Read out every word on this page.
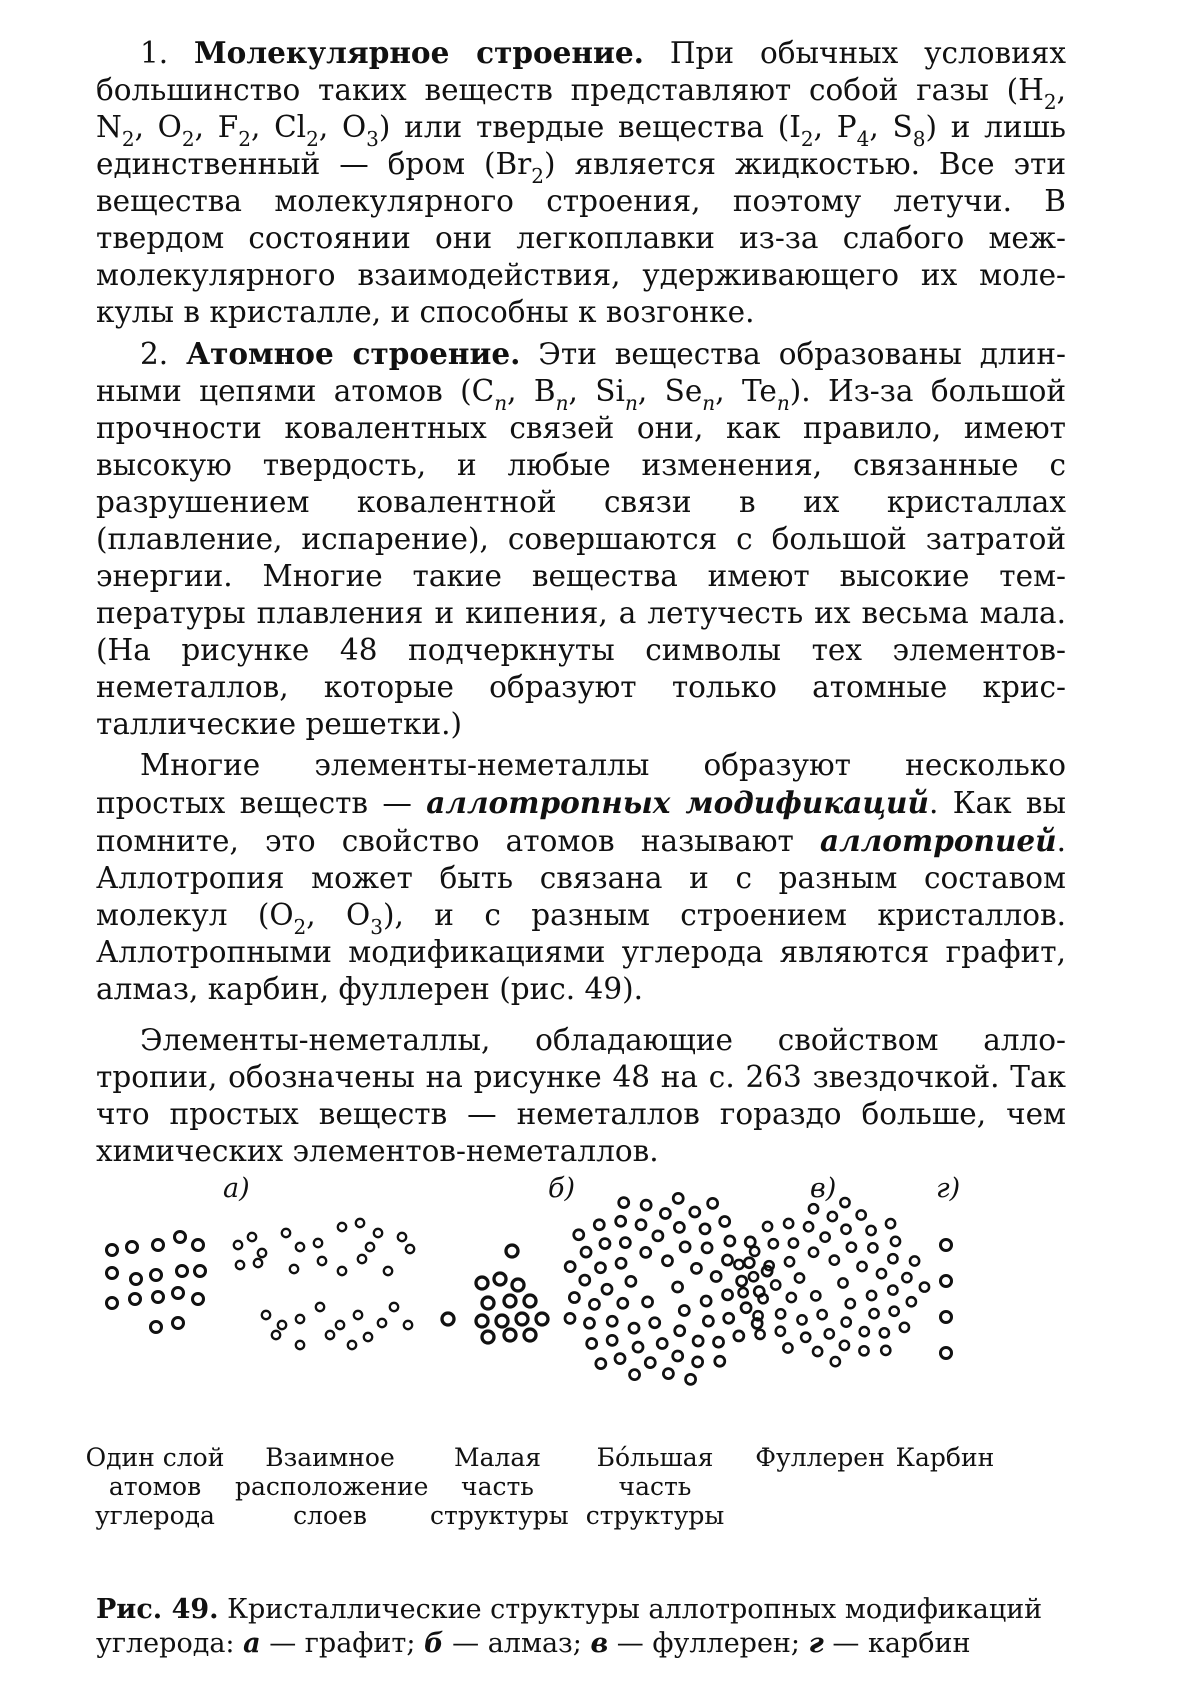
1. Молекулярное строение. При обычных условиях большинство таких веществ представляют собой газы ($H_2$, $N_2$, $O_2$, $F_2$, $Cl_2$, $O_3$) или твердые вещества ($I_2$, $P_4$, $S_8$) и лишь единственный — бром $(Br_2)$ является жидкостью. Все эти вещества молекулярного строения, поэтому летучи. В твердом состоянии они легкоплавки из-за слабого межмолекулярного взаимодействия, удерживающего их молекулы в кристалле, и способны к возгонке.

2. Атомное строение. Эти вещества образованы длинными цепями атомов ($C_n$, $B_n$, $Si_n$, $Se_n$, $Te_n$). Из-за большой прочности ковалентных связей они, как правило, имеют высокую твердость, и любые изменения, связанные с разрушением ковалентной связи в их кристаллах (плавление, испарение), совершаются с большой затратой энергии. Многие такие вещества имеют высокие температуры плавления и кипения, а летучесть их весьма мала. (На рисунке 48 подчеркнуты символы тех элементов-неметаллов, которые образуют только атомные кристаллические решетки.)

Многие элементы-неметаллы образуют несколько простых веществ — аллотропных модификаций. Как вы помните, это свойство атомов называют аллотропией. Аллотропия может быть связана и с разным составом молекул ($O_2$, $O_3$), и с разным строением кристаллов. Аллотропными модификациями углерода являются графит, алмаз, карбин, фуллерен (рис. 49).

Элементы-неметаллы, обладающие свойством аллотропии, обозначены на рисунке 48 на с. 263 звездочкой. Так что простых веществ — неметаллов гораздо больше, чем химических элементов-неметаллов.

а)	б)	в)	г)
Один слой
атомов
углерода
Взаимное
расположение
слоев
Малая
часть
структуры
Бóльшая
часть
структуры
Фуллерен Карбин
Рис. 49. Кристаллические структуры аллотропных модификаций углерода: а — графит; б — алмаз; в — фуллерен; г — карбин
